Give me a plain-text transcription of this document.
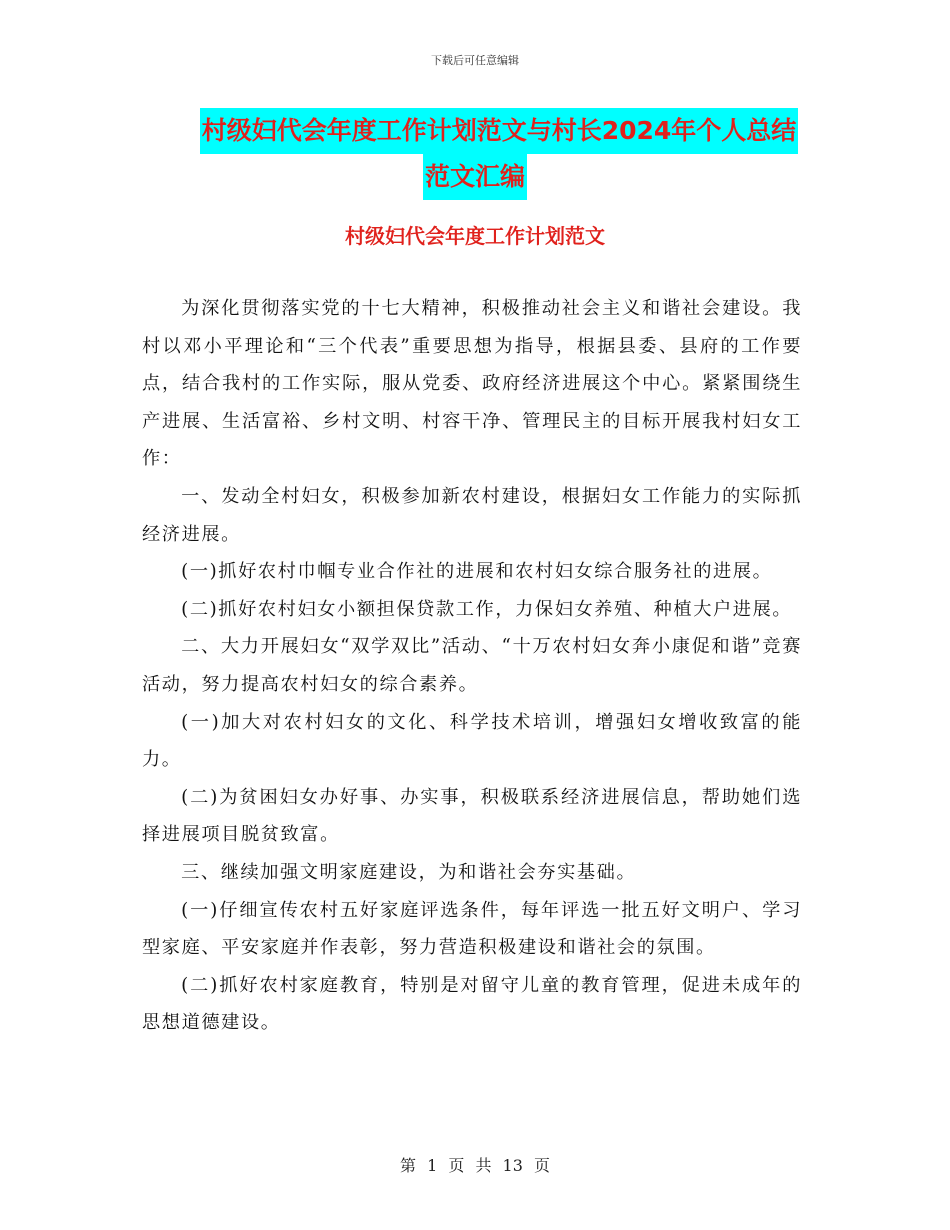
下载后可任意编辑
村级妇代会年度工作计划范文与村长2024年个人总结
范文汇编
村级妇代会年度工作计划范文

为深化贯彻落实党的十七大精神，积极推动社会主义和谐社会建设。我村以邓小平理论和“三个代表”重要思想为指导，根据县委、县府的工作要点，结合我村的工作实际，服从党委、政府经济进展这个中心。紧紧围绕生产进展、生活富裕、乡村文明、村容干净、管理民主的目标开展我村妇女工作：

一、发动全村妇女，积极参加新农村建设，根据妇女工作能力的实际抓经济进展。

(一)抓好农村巾帼专业合作社的进展和农村妇女综合服务社的进展。

(二)抓好农村妇女小额担保贷款工作，力保妇女养殖、种植大户进展。

二、大力开展妇女“双学双比”活动、“十万农村妇女奔小康促和谐”竞赛活动，努力提高农村妇女的综合素养。

(一)加大对农村妇女的文化、科学技术培训，增强妇女增收致富的能力。

(二)为贫困妇女办好事、办实事，积极联系经济进展信息，帮助她们选择进展项目脱贫致富。

三、继续加强文明家庭建设，为和谐社会夯实基础。

(一)仔细宣传农村五好家庭评选条件，每年评选一批五好文明户、学习型家庭、平安家庭并作表彰，努力营造积极建设和谐社会的氛围。

(二)抓好农村家庭教育，特别是对留守儿童的教育管理，促进未成年的思想道德建设。

第 1 页 共 13 页
